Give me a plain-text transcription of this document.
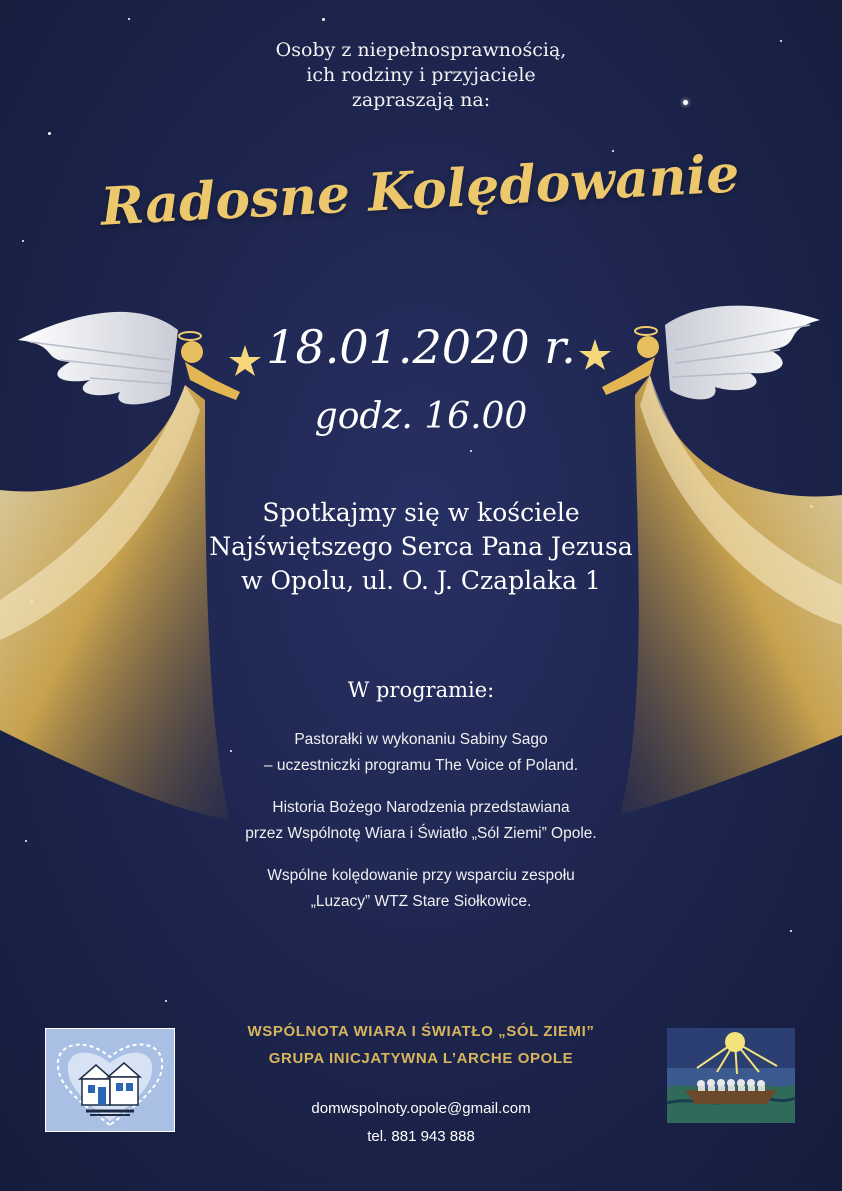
Osoby z niepełnosprawnością,
ich rodziny i przyjaciele
zapraszają na:
Radosne Kolędowanie
18.01.2020 r.
godz. 16.00
Spotkajmy się w kościele
Najświętszego Serca Pana Jezusa
w Opolu, ul. O. J. Czaplaka 1
W programie:
Pastorałki w wykonaniu Sabiny Sago
– uczestniczki programu The Voice of Poland.
Historia Bożego Narodzenia przedstawiana
przez Wspólnotę Wiara i Światło „Sól Ziemi” Opole.
Wspólne kolędowanie przy wsparciu zespołu
„Luzacy” WTZ Stare Siołkowice.
WSPÓLNOTA WIARA I ŚWIATŁO „SÓL ZIEMI”
GRUPA INICJATYWNA L’ARCHE OPOLE
domwspolnoty.opole@gmail.com
tel. 881 943 888
